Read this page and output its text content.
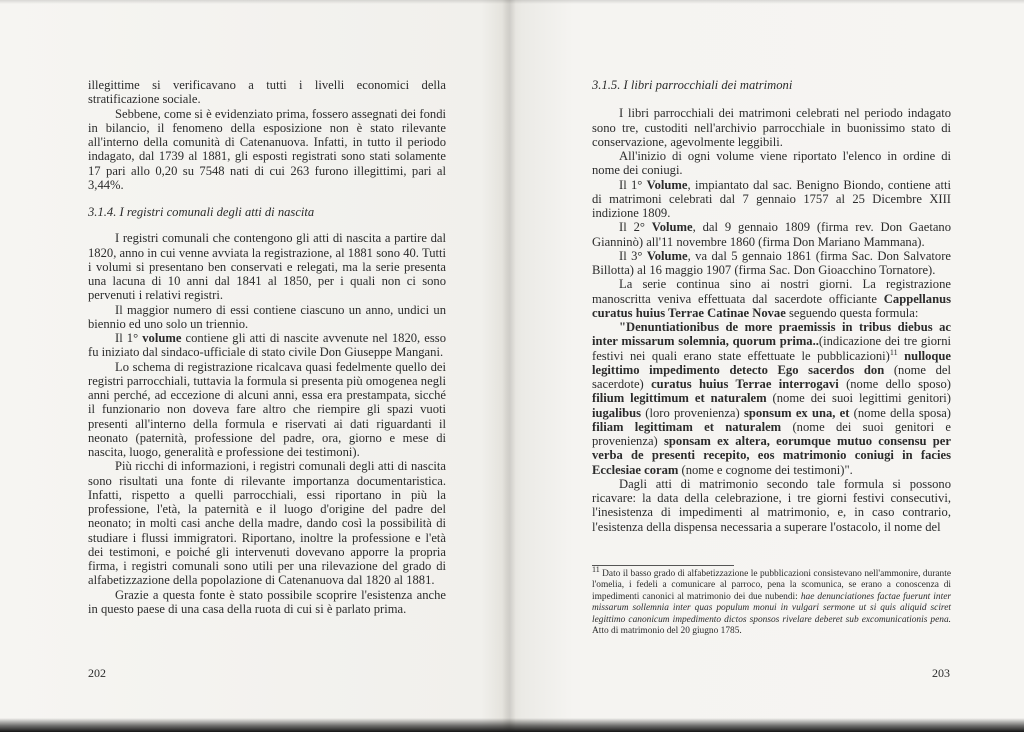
illegittime si verificavano a tutti i livelli economici della stratificazione sociale.

Sebbene, come si è evidenziato prima, fossero assegnati dei fondi in bilancio, il fenomeno della esposizione non è stato rilevante all'interno della comunità di Catenanuova. Infatti, in tutto il periodo indagato, dal 1739 al 1881, gli esposti registrati sono stati solamente 17 pari allo 0,20 su 7548 nati di cui 263 furono illegittimi, pari al 3,44%.

3.1.4. I registri comunali degli atti di nascita

I registri comunali che contengono gli atti di nascita a partire dal 1820, anno in cui venne avviata la registrazione, al 1881 sono 40. Tutti i volumi si presentano ben conservati e relegati, ma la serie presenta una lacuna di 10 anni dal 1841 al 1850, per i quali non ci sono pervenuti i relativi registri.

Il maggior numero di essi contiene ciascuno un anno, undici un biennio ed uno solo un triennio.

Il 1° volume contiene gli atti di nascite avvenute nel 1820, esso fu iniziato dal sindaco-ufficiale di stato civile Don Giuseppe Mangani.

Lo schema di registrazione ricalcava quasi fedelmente quello dei registri parrocchiali, tuttavia la formula si presenta più omogenea negli anni perché, ad eccezione di alcuni anni, essa era prestampata, sicché il funzionario non doveva fare altro che riempire gli spazi vuoti presenti all'interno della formula e riservati ai dati riguardanti il neonato (paternità, professione del padre, ora, giorno e mese di nascita, luogo, generalità e professione dei testimoni).

Più ricchi di informazioni, i registri comunali degli atti di nascita sono risultati una fonte di rilevante importanza documentaristica. Infatti, rispetto a quelli parrocchiali, essi riportano in più la professione, l'età, la paternità e il luogo d'origine del padre del neonato; in molti casi anche della madre, dando così la possibilità di studiare i flussi immigratori. Riportano, inoltre la professione e l'età dei testimoni, e poiché gli intervenuti dovevano apporre la propria firma, i registri comunali sono utili per una rilevazione del grado di alfabetizzazione della popolazione di Catenanuova dal 1820 al 1881.

Grazie a questa fonte è stato possibile scoprire l'esistenza anche in questo paese di una casa della ruota di cui si è parlato prima.

202

3.1.5. I libri parrocchiali dei matrimoni

I libri parrocchiali dei matrimoni celebrati nel periodo indagato sono tre, custoditi nell'archivio parrocchiale in buonissimo stato di conservazione, agevolmente leggibili.

All'inizio di ogni volume viene riportato l'elenco in ordine di nome dei coniugi.

Il 1° Volume, impiantato dal sac. Benigno Biondo, contiene atti di matrimoni celebrati dal 7 gennaio 1757 al 25 Dicembre XIII indizione 1809.

Il 2° Volume, dal 9 gennaio 1809 (firma rev. Don Gaetano Gianninò) all'11 novembre 1860 (firma Don Mariano Mammana).

Il 3° Volume, va dal 5 gennaio 1861 (firma Sac. Don Salvatore Billotta) al 16 maggio 1907 (firma Sac. Don Gioacchino Tornatore).

La serie continua sino ai nostri giorni. La registrazione manoscritta veniva effettuata dal sacerdote officiante Cappellanus curatus huius Terrae Catinae Novae seguendo questa formula:

"Denuntiationibus de more praemissis in tribus diebus ac inter missarum solemnia, quorum prima..(indicazione dei tre giorni festivi nei quali erano state effettuate le pubblicazioni)$^{11}$ nulloque legittimo impedimento detecto Ego sacerdos don (nome del sacerdote) curatus huius Terrae interrogavi (nome dello sposo) filium legittimum et naturalem (nome dei suoi legittimi genitori) iugalibus (loro provenienza) sponsum ex una, et (nome della sposa) filiam legittimam et naturalem (nome dei suoi genitori e provenienza) sponsam ex altera, eorumque mutuo consensu per verba de presenti recepito, eos matrimonio coniugi in facies Ecclesiae coram (nome e cognome dei testimoni)".

Dagli atti di matrimonio secondo tale formula si possono ricavare: la data della celebrazione, i tre giorni festivi consecutivi, l'inesistenza di impedimenti al matrimonio, e, in caso contrario, l'esistenza della dispensa necessaria a superare l'ostacolo, il nome del

$^{11}$ Dato il basso grado di alfabetizzazione le pubblicazioni consistevano nell'ammonire, durante l'omelia, i fedeli a comunicare al parroco, pena la scomunica, se erano a conoscenza di impedimenti canonici al matrimonio dei due nubendi: hae denunciationes factae fuerunt inter missarum sollemnia inter quas populum monui in vulgari sermone ut si quis aliquid sciret legittimo canonicum impedimento dictos sponsos rivelare deberet sub excomunicationis pena. Atto di matrimonio del 20 giugno 1785.
203
